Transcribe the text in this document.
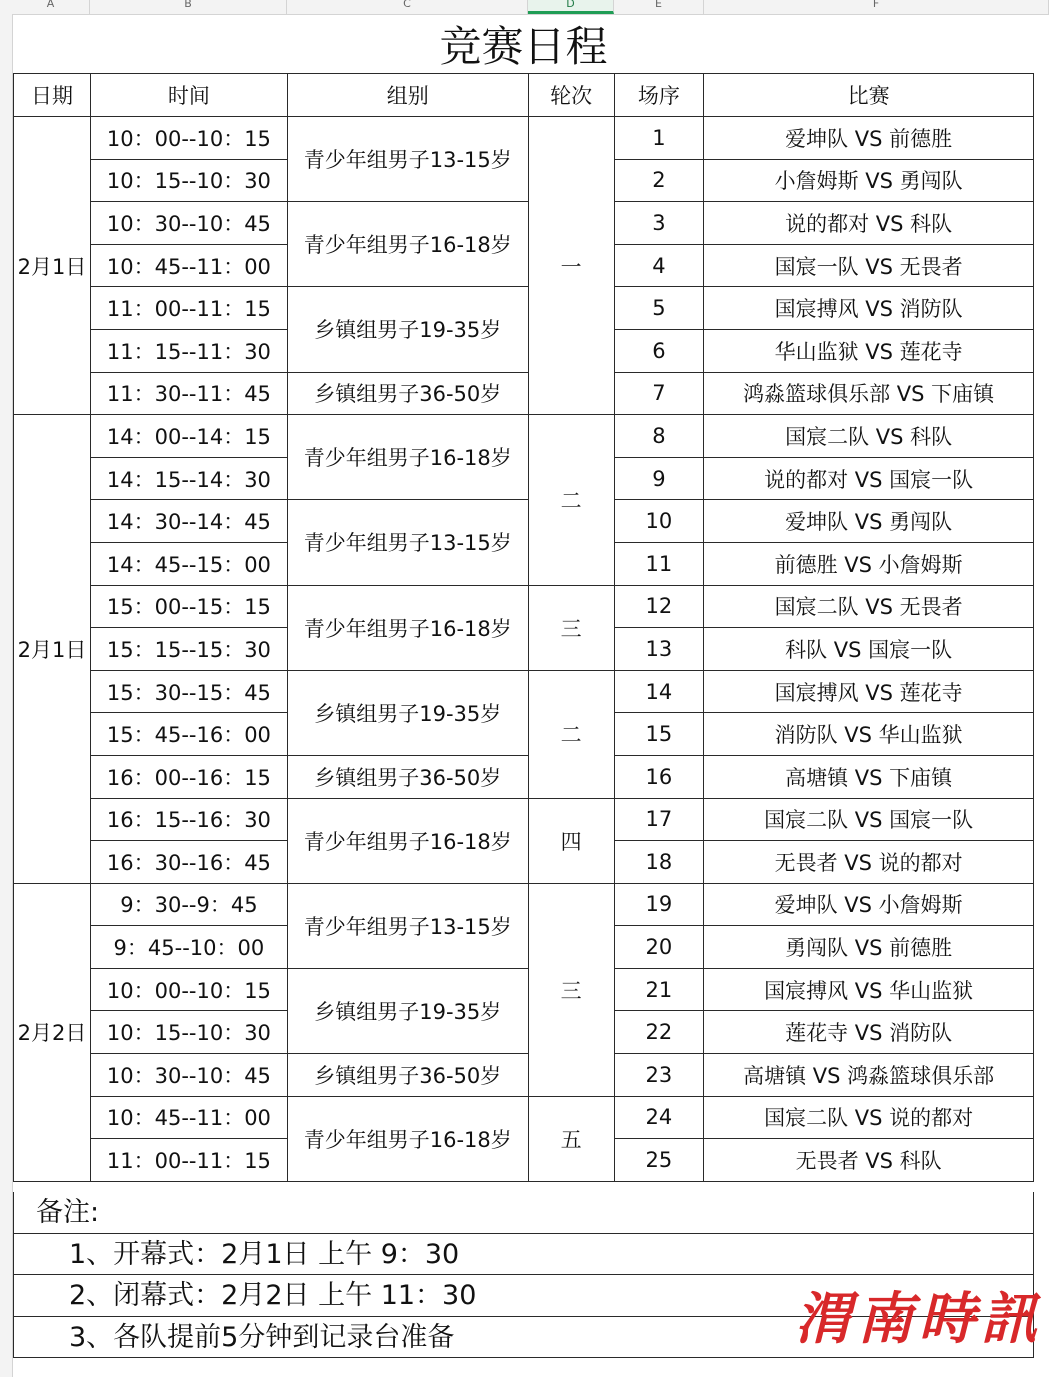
A	B	C	D	E	F
竞赛日程
日期	时间	组别	轮次	场序	比赛
2月1日	10：00--10：15	青少年组男子13-15岁	一	1	爱坤队 VS 前德胜
	10：15--10：30			2	小詹姆斯 VS 勇闯队
	10：30--10：45	青少年组男子16-18岁		3	说的都对 VS 科队
	10：45--11：00			4	国宸一队 VS 无畏者
	11：00--11：15	乡镇组男子19-35岁		5	国宸搏风 VS 消防队
	11：15--11：30			6	华山监狱 VS 莲花寺
	11：30--11：45	乡镇组男子36-50岁		7	鸿淼篮球俱乐部 VS 下庙镇
2月1日	14：00--14：15	青少年组男子16-18岁	二	8	国宸二队 VS 科队
	14：15--14：30			9	说的都对 VS 国宸一队
	14：30--14：45	青少年组男子13-15岁		10	爱坤队 VS 勇闯队
	14：45--15：00			11	前德胜 VS 小詹姆斯
	15：00--15：15	青少年组男子16-18岁	三	12	国宸二队 VS 无畏者
	15：15--15：30			13	科队 VS 国宸一队
	15：30--15：45	乡镇组男子19-35岁	二	14	国宸搏风 VS 莲花寺
	15：45--16：00			15	消防队 VS 华山监狱
	16：00--16：15	乡镇组男子36-50岁		16	高塘镇 VS 下庙镇
	16：15--16：30	青少年组男子16-18岁	四	17	国宸二队 VS 国宸一队
	16：30--16：45			18	无畏者 VS 说的都对
2月2日	9：30--9：45	青少年组男子13-15岁	三	19	爱坤队 VS 小詹姆斯
	9：45--10：00			20	勇闯队 VS 前德胜
	10：00--10：15	乡镇组男子19-35岁		21	国宸搏风 VS 华山监狱
	10：15--10：30			22	莲花寺 VS 消防队
	10：30--10：45	乡镇组男子36-50岁		23	高塘镇 VS 鸿淼篮球俱乐部
	10：45--11：00	青少年组男子16-18岁	五	24	国宸二队 VS 说的都对
	11：00--11：15			25	无畏者 VS 科队
备注:
1、开幕式：2月1日 上午 9：30
2、闭幕式：2月2日 上午 11：30
3、各队提前5分钟到记录台准备	渭南時訊
